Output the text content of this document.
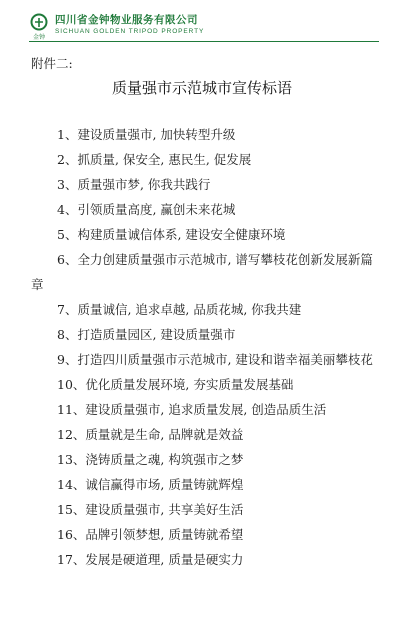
金钟
四川省金钟物业服务有限公司
SICHUAN GOLDEN TRIPOD PROPERTY
附件二:
质量强市示范城市宣传标语

1、建设质量强市, 加快转型升级

2、抓质量, 保安全, 惠民生, 促发展

3、质量强市梦, 你我共践行

4、引领质量高度, 赢创未来花城

5、构建质量诚信体系, 建设安全健康环境

6、全力创建质量强市示范城市, 谱写攀枝花创新发展新篇章

7、质量诚信, 追求卓越, 品质花城, 你我共建

8、打造质量园区, 建设质量强市

9、打造四川质量强市示范城市, 建设和谐幸福美丽攀枝花

10、优化质量发展环境, 夯实质量发展基础

11、建设质量强市, 追求质量发展, 创造品质生活

12、质量就是生命, 品牌就是效益

13、浇铸质量之魂, 构筑强市之梦

14、诚信赢得市场, 质量铸就辉煌

15、建设质量强市, 共享美好生活

16、品牌引领梦想, 质量铸就希望

17、发展是硬道理, 质量是硬实力
